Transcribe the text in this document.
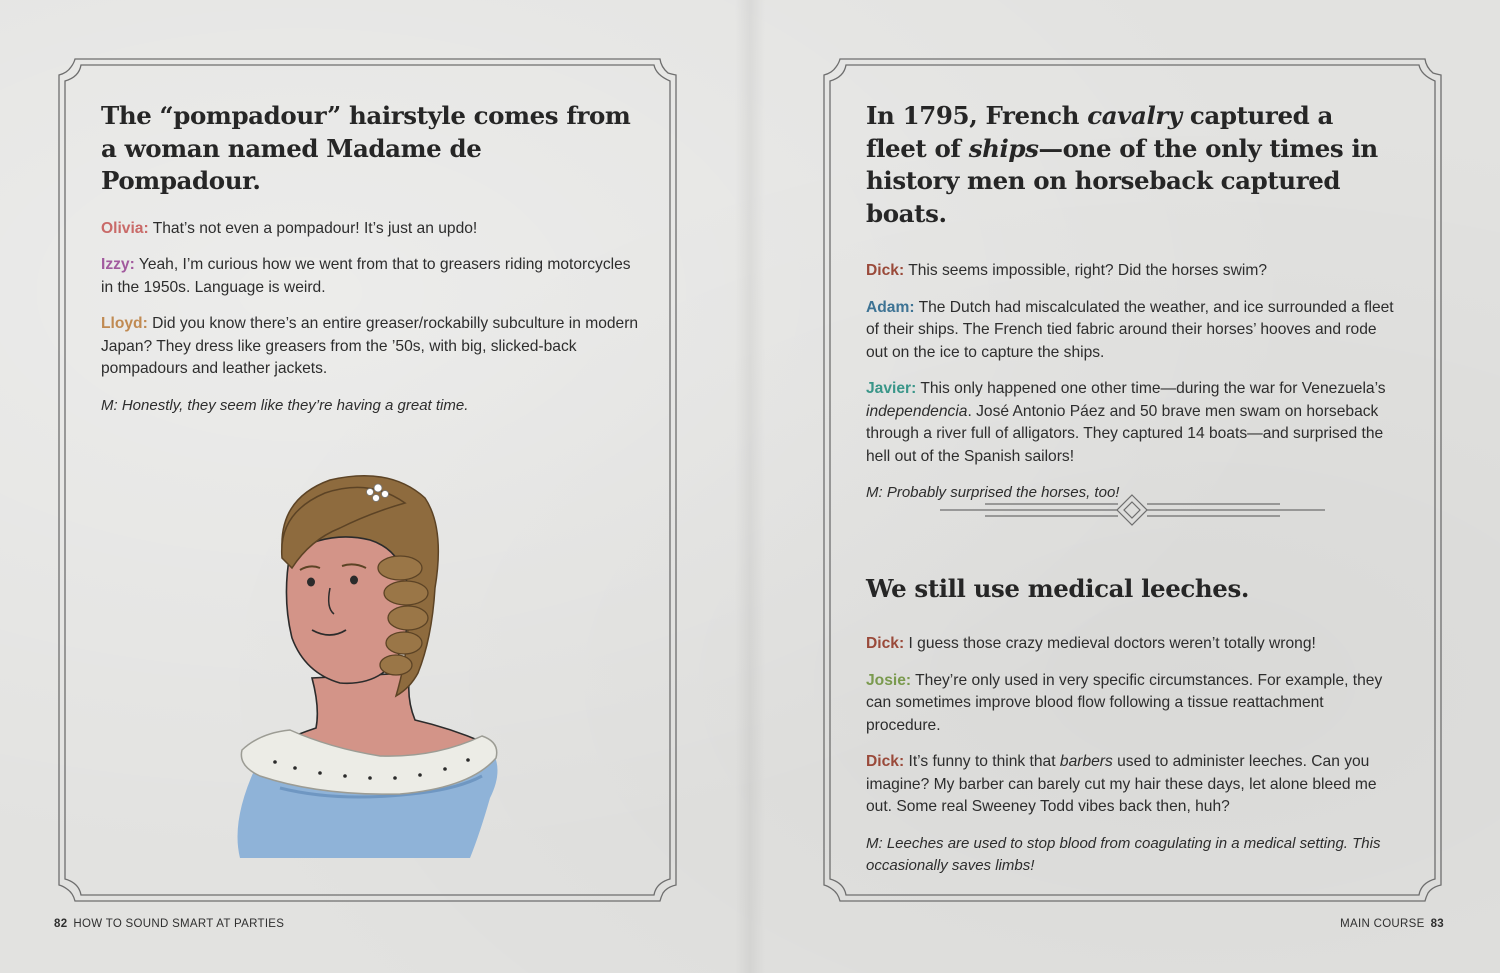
The “pompadour” hairstyle comes from a woman named Madame de Pompadour.

Olivia: That’s not even a pompadour! It’s just an updo!

Izzy: Yeah, I’m curious how we went from that to greasers riding motorcycles in the 1950s. Language is weird.

Lloyd: Did you know there’s an entire greaser/rockabilly subculture in modern Japan? They dress like greasers from the ’50s, with big, slicked-back pompadours and leather jackets.

M: Honestly, they seem like they’re having a great time.

In 1795, French cavalry captured a fleet of ships—one of the only times in history men on horseback captured boats.

Dick: This seems impossible, right? Did the horses swim?

Adam: The Dutch had miscalculated the weather, and ice surrounded a fleet of their ships. The French tied fabric around their horses’ hooves and rode out on the ice to capture the ships.

Javier: This only happened one other time—during the war for Venezuela’s independencia. José Antonio Páez and 50 brave men swam on horseback through a river full of alligators. They captured 14 boats—and surprised the hell out of the Spanish sailors!

M: Probably surprised the horses, too!

We still use medical leeches.

Dick: I guess those crazy medieval doctors weren’t totally wrong!

Josie: They’re only used in very specific circumstances. For example, they can sometimes improve blood flow following a tissue reattachment procedure.

Dick: It’s funny to think that barbers used to administer leeches. Can you imagine? My barber can barely cut my hair these days, let alone bleed me out. Some real Sweeney Todd vibes back then, huh?

M: Leeches are used to stop blood from coagulating in a medical setting. This occasionally saves limbs!

82 HOW TO SOUND SMART AT PARTIES	MAIN COURSE 83
